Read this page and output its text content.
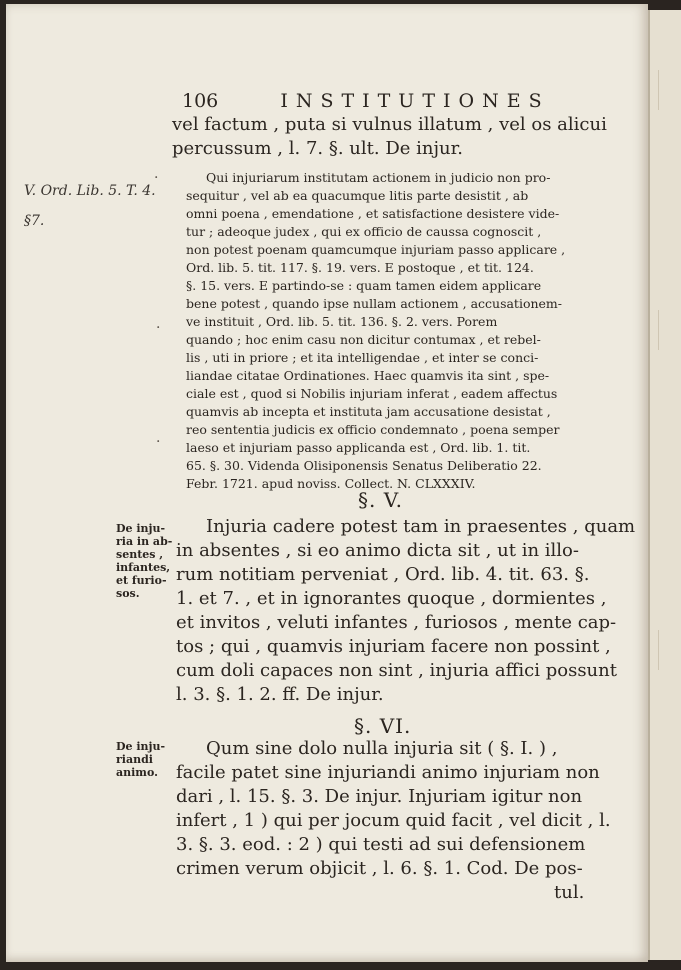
106	INSTITUTIONES
vel factum , puta si vulnus illatum , vel os alicui
percussum , l. 7. §. ult. De injur.
V. Ord. Lib. 5. T. 4.
§7.
Qui injuriarum institutam actionem in judicio non pro-
sequitur , vel ab ea quacumque litis parte desistit , ab
omni poena , emendatione , et satisfactione desistere vide-
tur ; adeoque judex , qui ex officio de caussa cognoscit ,
non potest poenam quamcumque injuriam passo applicare ,
Ord. lib. 5. tit. 117. §. 19. vers. E postoque , et tit. 124.
§. 15. vers. E partindo-se : quam tamen eidem applicare
bene potest , quando ipse nullam actionem , accusationem-
ve instituit , Ord. lib. 5. tit. 136. §. 2. vers. Porem
quando ; hoc enim casu non dicitur contumax , et rebel-
lis , uti in priore ; et ita intelligendae , et inter se conci-
liandae citatae Ordinationes. Haec quamvis ita sint , spe-
ciale est , quod si Nobilis injuriam inferat , eadem affectus
quamvis ab incepta et instituta jam accusatione desistat ,
reo sententia judicis ex officio condemnato , poena semper
laeso et injuriam passo applicanda est , Ord. lib. 1. tit.
65. §. 30. Videnda Olisiponensis Senatus Deliberatio 22.
Febr. 1721. apud noviss. Collect. N. CLXXXIV.
§. V.
De inju-
ria in ab-
sentes ,
infantes,
et furio-
sos.
Injuria cadere potest tam in praesentes , quam
in absentes , si eo animo dicta sit , ut in illo-
rum notitiam perveniat , Ord. lib. 4. tit. 63. §.
1. et 7. , et in ignorantes quoque , dormientes ,
et invitos , veluti infantes , furiosos , mente cap-
tos ; qui , quamvis injuriam facere non possint ,
cum doli capaces non sint , injuria affici possunt
l. 3. §. 1. 2. ff. De injur.
§. VI.
De inju-
riandi
animo.
Qum sine dolo nulla injuria sit ( §. I. ) ,
facile patet sine injuriandi animo injuriam non
dari , l. 15. §. 3. De injur. Injuriam igitur non
infert , 1 ) qui per jocum quid facit , vel dicit , l.
3. §. 3. eod. : 2 ) qui testi ad sui defensionem
crimen verum objicit , l. 6. §. 1. Cod. De pos-
tul.
·
·
·
